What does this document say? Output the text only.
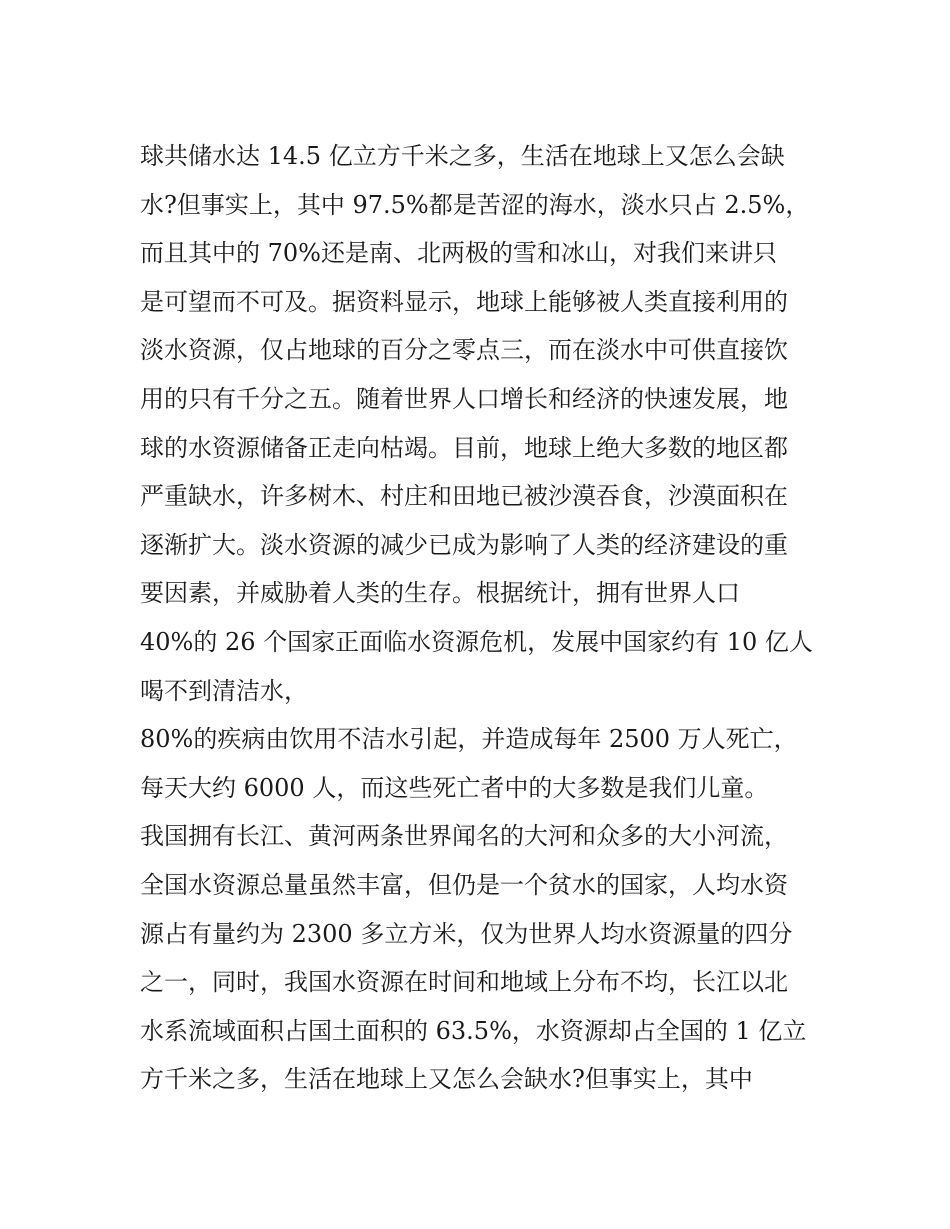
球共储水达 14.5 亿立方千米之多，生活在地球上又怎么会缺
水?但事实上，其中 97.5%都是苦涩的海水，淡水只占 2.5%，
而且其中的 70%还是南、北两极的雪和冰山，对我们来讲只
是可望而不可及。据资料显示，地球上能够被人类直接利用的
淡水资源，仅占地球的百分之零点三，而在淡水中可供直接饮
用的只有千分之五。随着世界人口增长和经济的快速发展，地
球的水资源储备正走向枯竭。目前，地球上绝大多数的地区都
严重缺水，许多树木、村庄和田地已被沙漠吞食，沙漠面积在
逐渐扩大。淡水资源的减少已成为影响了人类的经济建设的重
要因素，并威胁着人类的生存。根据统计，拥有世界人口
40%的 26 个国家正面临水资源危机，发展中国家约有 10 亿人
喝不到清洁水，
80%的疾病由饮用不洁水引起，并造成每年 2500 万人死亡，
每天大约 6000 人，而这些死亡者中的大多数是我们儿童。
我国拥有长江、黄河两条世界闻名的大河和众多的大小河流，
全国水资源总量虽然丰富，但仍是一个贫水的国家，人均水资
源占有量约为 2300 多立方米，仅为世界人均水资源量的四分
之一，同时，我国水资源在时间和地域上分布不均，长江以北
水系流域面积占国土面积的 63.5%，水资源却占全国的 1 亿立
方千米之多，生活在地球上又怎么会缺水?但事实上，其中
